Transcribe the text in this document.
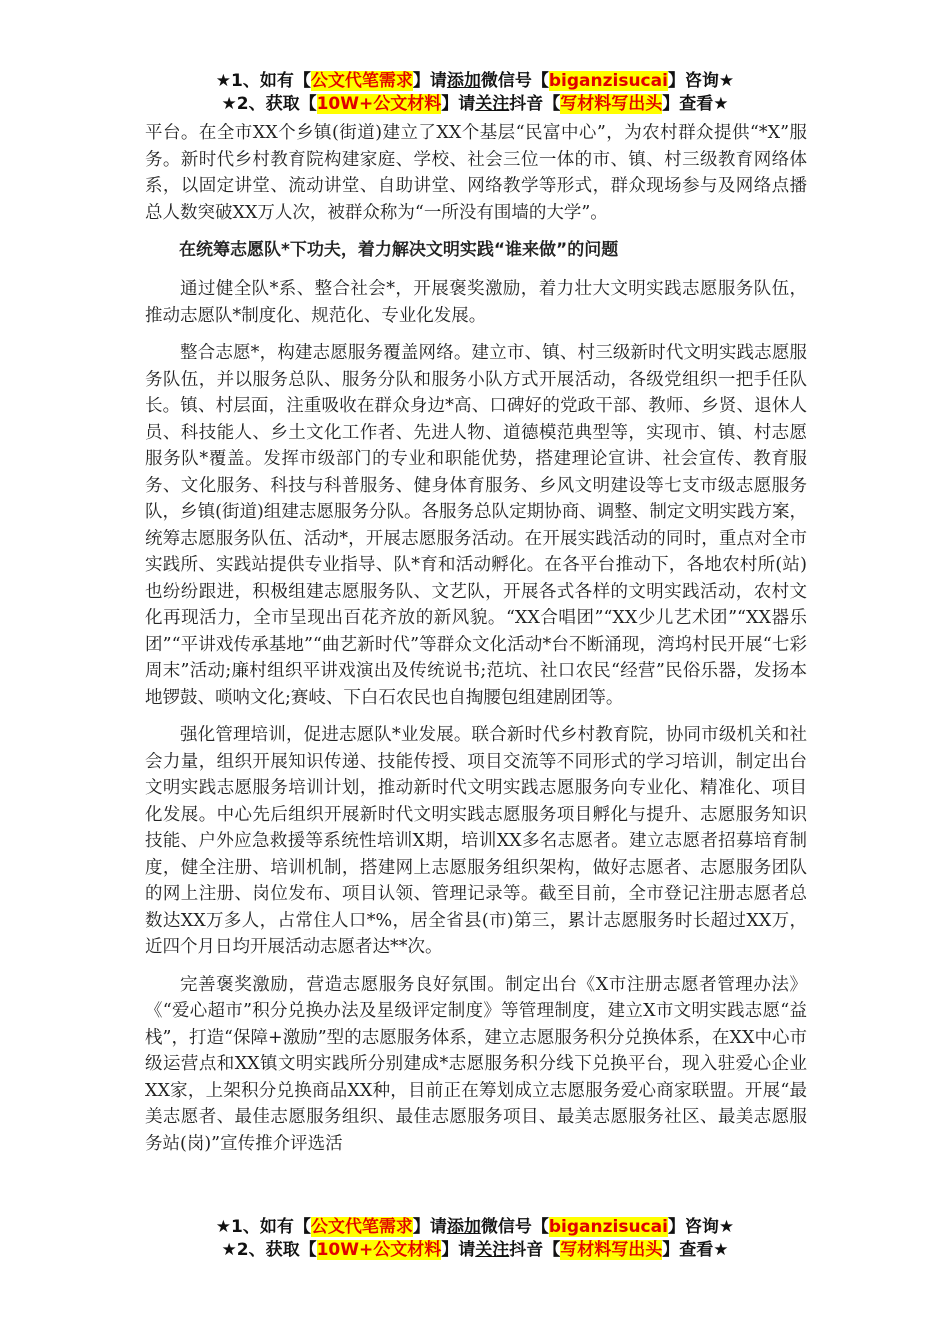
★1、如有【公文代笔需求】请添加微信号【biganzisucai】咨询★
★2、获取【10W+公文材料】请关注抖音【写材料写出头】查看★

平台。在全市XX个乡镇(街道)建立了XX个基层“民富中心”，为农村群众提供“*X”服务。新时代乡村教育院构建家庭、学校、社会三位一体的市、镇、村三级教育网络体系，以固定讲堂、流动讲堂、自助讲堂、网络教学等形式，群众现场参与及网络点播总人数突破XX万人次，被群众称为“一所没有围墙的大学”。

在统筹志愿队*下功夫，着力解决文明实践“谁来做”的问题

通过健全队*系、整合社会*，开展褒奖激励，着力壮大文明实践志愿服务队伍，推动志愿队*制度化、规范化、专业化发展。

整合志愿*，构建志愿服务覆盖网络。建立市、镇、村三级新时代文明实践志愿服务队伍，并以服务总队、服务分队和服务小队方式开展活动，各级党组织一把手任队长。镇、村层面，注重吸收在群众身边*高、口碑好的党政干部、教师、乡贤、退休人员、科技能人、乡土文化工作者、先进人物、道德模范典型等，实现市、镇、村志愿服务队*覆盖。发挥市级部门的专业和职能优势，搭建理论宣讲、社会宣传、教育服务、文化服务、科技与科普服务、健身体育服务、乡风文明建设等七支市级志愿服务队，乡镇(街道)组建志愿服务分队。各服务总队定期协商、调整、制定文明实践方案，统筹志愿服务队伍、活动*，开展志愿服务活动。在开展实践活动的同时，重点对全市实践所、实践站提供专业指导、队*育和活动孵化。在各平台推动下，各地农村所(站)也纷纷跟进，积极组建志愿服务队、文艺队，开展各式各样的文明实践活动，农村文化再现活力，全市呈现出百花齐放的新风貌。“XX合唱团”“XX少儿艺术团”“XX器乐团”“平讲戏传承基地”“曲艺新时代”等群众文化活动*台不断涌现，湾坞村民开展“七彩周末”活动;廉村组织平讲戏演出及传统说书;范坑、社口农民“经营”民俗乐器，发扬本地锣鼓、唢呐文化;赛岐、下白石农民也自掏腰包组建剧团等。

强化管理培训，促进志愿队*业发展。联合新时代乡村教育院，协同市级机关和社会力量，组织开展知识传递、技能传授、项目交流等不同形式的学习培训，制定出台文明实践志愿服务培训计划，推动新时代文明实践志愿服务向专业化、精准化、项目化发展。中心先后组织开展新时代文明实践志愿服务项目孵化与提升、志愿服务知识技能、户外应急救援等系统性培训X期，培训XX多名志愿者。建立志愿者招募培育制度，健全注册、培训机制，搭建网上志愿服务组织架构，做好志愿者、志愿服务团队的网上注册、岗位发布、项目认领、管理记录等。截至目前，全市登记注册志愿者总数达XX万多人，占常住人口*%，居全省县(市)第三，累计志愿服务时长超过XX万，近四个月日均开展活动志愿者达**次。

完善褒奖激励，营造志愿服务良好氛围。制定出台《X市注册志愿者管理办法》《“爱心超市”积分兑换办法及星级评定制度》等管理制度，建立X市文明实践志愿“益栈”，打造“保障+激励”型的志愿服务体系，建立志愿服务积分兑换体系，在XX中心市级运营点和XX镇文明实践所分别建成*志愿服务积分线下兑换平台，现入驻爱心企业XX家，上架积分兑换商品XX种，目前正在筹划成立志愿服务爱心商家联盟。开展“最美志愿者、最佳志愿服务组织、最佳志愿服务项目、最美志愿服务社区、最美志愿服务站(岗)”宣传推介评选活

★1、如有【公文代笔需求】请添加微信号【biganzisucai】咨询★
★2、获取【10W+公文材料】请关注抖音【写材料写出头】查看★
